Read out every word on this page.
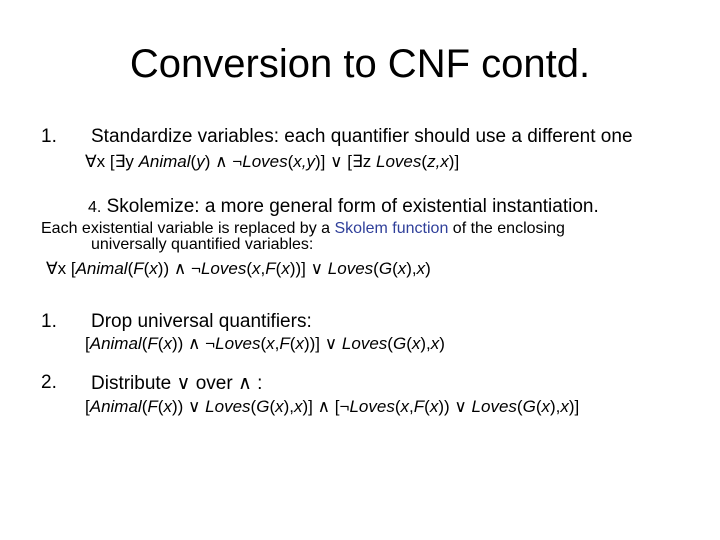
Conversion to CNF contd.
1. Standardize variables: each quantifier should use a different one
∀x [∃y Animal(y) ∧ ¬Loves(x,y)] ∨ [∃z Loves(z,x)]
4. Skolemize: a more general form of existential instantiation.
Each existential variable is replaced by a Skolem function of the enclosing
universally quantified variables:
∀x [Animal(F(x)) ∧ ¬Loves(x,F(x))] ∨ Loves(G(x),x)
1. Drop universal quantifiers:
[Animal(F(x)) ∧ ¬Loves(x,F(x))] ∨ Loves(G(x),x)
2. Distribute ∨ over ∧ :
[Animal(F(x)) ∨ Loves(G(x),x)] ∧ [¬Loves(x,F(x)) ∨ Loves(G(x),x)]
